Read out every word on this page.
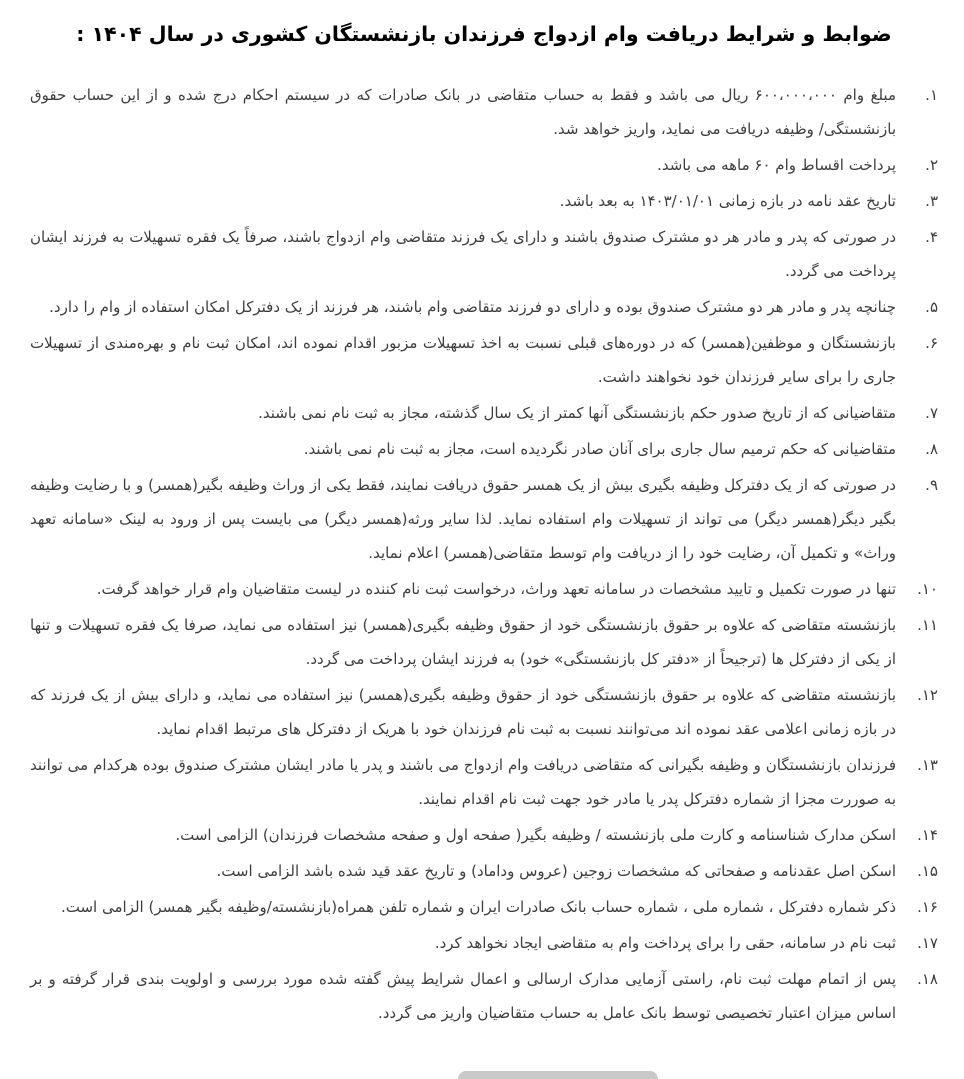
ضوابط و شرایط دریافت وام ازدواج فرزندان بازنشستگان کشوری در سال ۱۴۰۴ :
۱.
مبلغ وام ۶۰۰،۰۰۰،۰۰۰ ریال می باشد و فقط به حساب متقاضی در بانک صادرات که در سیستم احکام درج شده و از این حساب حقوق بازنشستگی/ وظیفه دریافت می نماید، واریز خواهد شد.
۲.
پرداخت اقساط وام ۶۰ ماهه می باشد.
۳.
تاریخ عقد نامه در بازه زمانی ۱۴۰۳/۰۱/۰۱ به بعد باشد.
۴.
در صورتی که پدر و مادر هر دو مشترک صندوق باشند و دارای یک فرزند متقاضی وام ازدواج باشند، صرفاً یک فقره تسهیلات به فرزند ایشان پرداخت می گردد.
۵.
چنانچه پدر و مادر هر دو مشترک صندوق بوده و دارای دو فرزند متقاضی وام باشند، هر فرزند از یک دفترکل امکان استفاده از وام را دارد.
۶.
بازنشستگان و موظفین(همسر) که در دوره‌های قبلی نسبت به اخذ تسهیلات مزبور اقدام نموده اند، امکان ثبت نام و بهره‌مندی از تسهیلات جاری را برای سایر فرزندان خود نخواهند داشت.
۷.
متقاضیانی که از تاریخ صدور حکم بازنشستگی آنها کمتر از یک سال گذشته، مجاز به ثبت نام نمی باشند.
۸.
متقاضیانی که حکم ترمیم سال جاری برای آنان صادر نگردیده است، مجاز به ثبت نام نمی باشند.
۹.
در صورتی که از یک دفترکل وظیفه بگیری بیش از یک همسر حقوق دریافت نمایند، فقط یکی از وراث وظیفه بگیر(همسر) و با رضایت وظیفه بگیر دیگر(همسر دیگر) می تواند از تسهیلات وام استفاده نماید. لذا سایر ورثه(همسر دیگر) می بایست پس از ورود به لینک «سامانه تعهد وراث» و تکمیل آن، رضایت خود را از دریافت وام توسط متقاضی(همسر) اعلام نماید.
۱۰.
تنها در صورت تکمیل و تایید مشخصات در سامانه تعهد وراث، درخواست ثبت نام کننده در لیست متقاضیان وام قرار خواهد گرفت.
۱۱.
بازنشسته متقاضی که علاوه بر حقوق بازنشستگی خود از حقوق وظیفه بگیری(همسر) نیز استفاده می نماید، صرفا یک فقره تسهیلات و تنها از یکی از دفترکل ها (ترجیحاً از «دفتر کل بازنشستگی» خود) به فرزند ایشان پرداخت می گردد.
۱۲.
بازنشسته متقاضی که علاوه بر حقوق بازنشستگی خود از حقوق وظیفه بگیری(همسر) نیز استفاده می نماید، و دارای بیش از یک فرزند که در بازه زمانی اعلامی عقد نموده اند می‌توانند نسبت به ثبت نام فرزندان خود با هریک از دفترکل های مرتبط اقدام نماید.
۱۳.
فرزندان بازنشستگان و وظیفه بگیرانی که متقاضی دریافت وام ازدواج می باشند و پدر یا مادر ایشان مشترک صندوق بوده هرکدام می توانند به صوررت مجزا از شماره دفترکل پدر یا مادر خود جهت ثبت نام اقدام نمایند.
۱۴.
اسکن مدارک شناسنامه و کارت ملی بازنشسته / وظیفه بگیر( صفحه اول و صفحه مشخصات فرزندان) الزامی است.
۱۵.
اسکن اصل عقدنامه و صفحاتی که مشخصات زوجین (عروس وداماد) و تاریخ عقد قید شده باشد الزامی است.
۱۶.
ذکر شماره دفترکل ، شماره ملی ، شماره حساب بانک صادرات ایران و شماره تلفن همراه(بازنشسته/وظیفه بگیر همسر) الزامی است.
۱۷.
ثبت نام در سامانه، حقی را برای پرداخت وام به متقاضی ایجاد نخواهد کرد.
۱۸.
پس از اتمام مهلت ثبت نام، راستی آزمایی مدارک ارسالی و اعمال شرایط پیش گفته شده مورد بررسی و اولویت بندی قرار گرفته و بر اساس میزان اعتبار تخصیصی توسط بانک عامل به حساب متقاضیان واریز می گردد.
